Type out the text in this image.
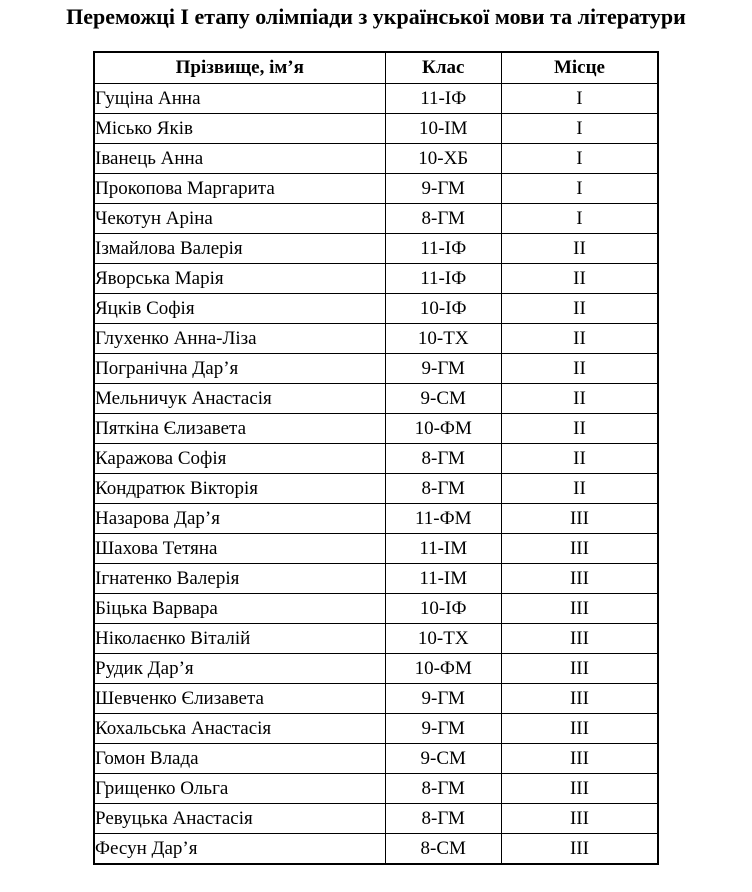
Переможці І етапу олімпіади з української мови та літератури
Прізвище, ім’я	Клас	Місце
Гущіна Анна	11-ІФ	І
Місько Яків	10-ІМ	І
Іванець Анна	10-ХБ	І
Прокопова Маргарита	9-ГМ	І
Чекотун Аріна	8-ГМ	І
Ізмайлова Валерія	11-ІФ	ІІ
Яворська Марія	11-ІФ	ІІ
Яцків Софія	10-ІФ	ІІ
Глухенко Анна-Ліза	10-ТХ	ІІ
Погранічна Дар’я	9-ГМ	ІІ
Мельничук Анастасія	9-СМ	ІІ
Пяткіна Єлизавета	10-ФМ	ІІ
Каражова Софія	8-ГМ	ІІ
Кондратюк Вікторія	8-ГМ	ІІ
Назарова Дар’я	11-ФМ	ІІІ
Шахова Тетяна	11-ІМ	ІІІ
Ігнатенко Валерія	11-ІМ	ІІІ
Біцька Варвара	10-ІФ	ІІІ
Ніколаєнко Віталій	10-ТХ	ІІІ
Рудик Дар’я	10-ФМ	ІІІ
Шевченко Єлизавета	9-ГМ	ІІІ
Кохальська Анастасія	9-ГМ	ІІІ
Гомон Влада	9-СМ	ІІІ
Грищенко Ольга	8-ГМ	ІІІ
Ревуцька Анастасія	8-ГМ	ІІІ
Фесун Дар’я	8-СМ	ІІІ
